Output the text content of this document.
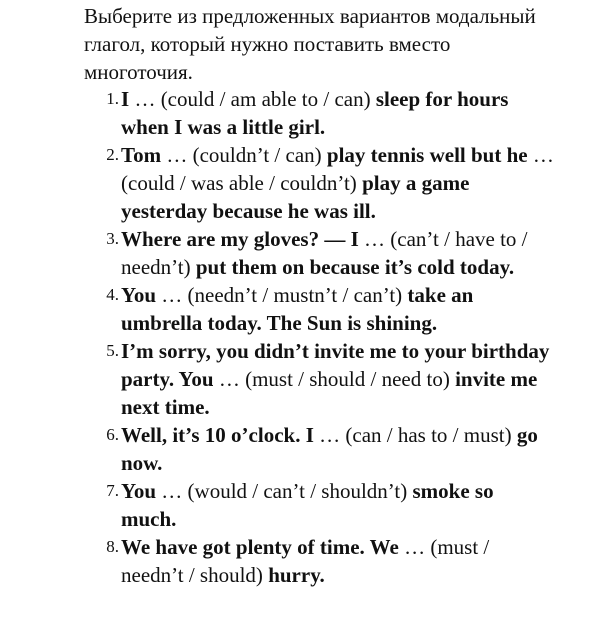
Выберите из предложенных вариантов модальный глагол, который нужно поставить вместо многоточия.

1. I … (could / am able to / can) sleep for hours when I was a little girl.
2. Tom … (couldn’t / can) play tennis well but he … (could / was able / couldn’t) play a game yesterday because he was ill.
3. Where are my gloves? — I … (can’t / have to / needn’t) put them on because it’s cold today.
4. You … (needn’t / mustn’t / can’t) take an umbrella today. The Sun is shining.
5. I’m sorry, you didn’t invite me to your birthday party. You … (must / should / need to) invite me next time.
6. Well, it’s 10 o’clock. I … (can / has to / must) go now.
7. You … (would / can’t / shouldn’t) smoke so much.
8. We have got plenty of time. We … (must / needn’t / should) hurry.
